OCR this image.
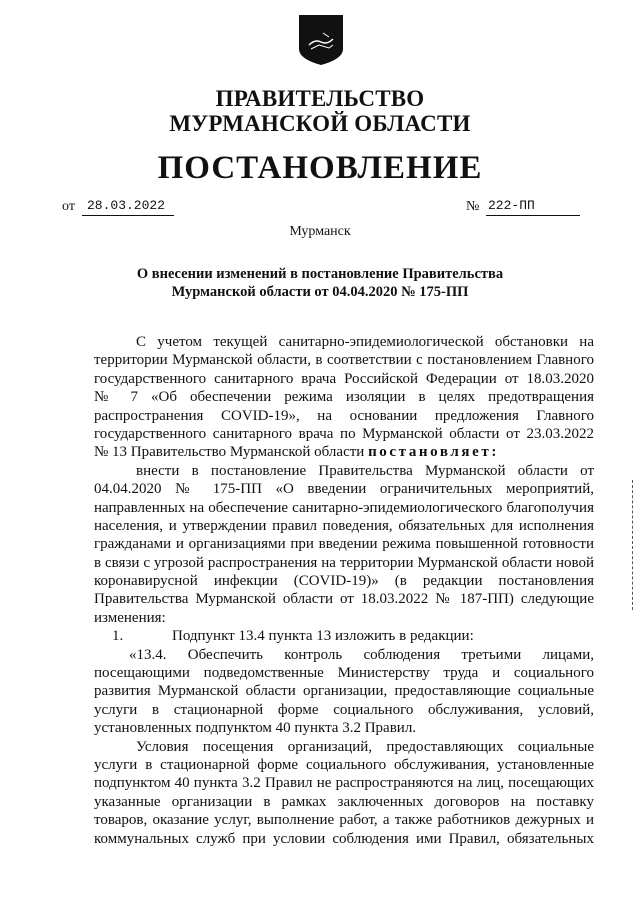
ПРАВИТЕЛЬСТВО
МУРМАНСКОЙ ОБЛАСТИ
ПОСТАНОВЛЕНИЕ
от 28.03.2022	№ 222-ПП
Мурманск
О внесении изменений в постановление Правительства
Мурманской области от 04.04.2020 № 175-ПП
С учетом текущей санитарно-эпидемиологической обстановки на
территории Мурманской области, в соответствии с постановлением Главного
государственного санитарного врача Российской Федерации от 18.03.2020
№ 7 «Об обеспечении режима изоляции в целях предотвращения
распространения COVID-19», на основании предложения Главного
государственного санитарного врача по Мурманской области от 23.03.2022
№ 13 Правительство Мурманской области постановляет:
внести в постановление Правительства Мурманской области от
04.04.2020 № 175-ПП «О введении ограничительных мероприятий,
направленных на обеспечение санитарно-эпидемиологического благополучия
населения, и утверждении правил поведения, обязательных для исполнения
гражданами и организациями при введении режима повышенной готовности
в связи с угрозой распространения на территории Мурманской области новой
коронавирусной инфекции (COVID-19)» (в редакции постановления
Правительства Мурманской области от 18.03.2022 № 187-ПП) следующие
изменения:
1.	Подпункт 13.4 пункта 13 изложить в редакции:
«13.4. Обеспечить контроль соблюдения третьими лицами,
посещающими подведомственные Министерству труда и социального
развития Мурманской области организации, предоставляющие социальные
услуги в стационарной форме социального обслуживания, условий,
установленных подпунктом 40 пункта 3.2 Правил.
Условия посещения организаций, предоставляющих социальные
услуги в стационарной форме социального обслуживания, установленные
подпунктом 40 пункта 3.2 Правил не распространяются на лиц, посещающих
указанные организации в рамках заключенных договоров на поставку
товаров, оказание услуг, выполнение работ, а также работников дежурных и
коммунальных служб при условии соблюдения ими Правил, обязательных
